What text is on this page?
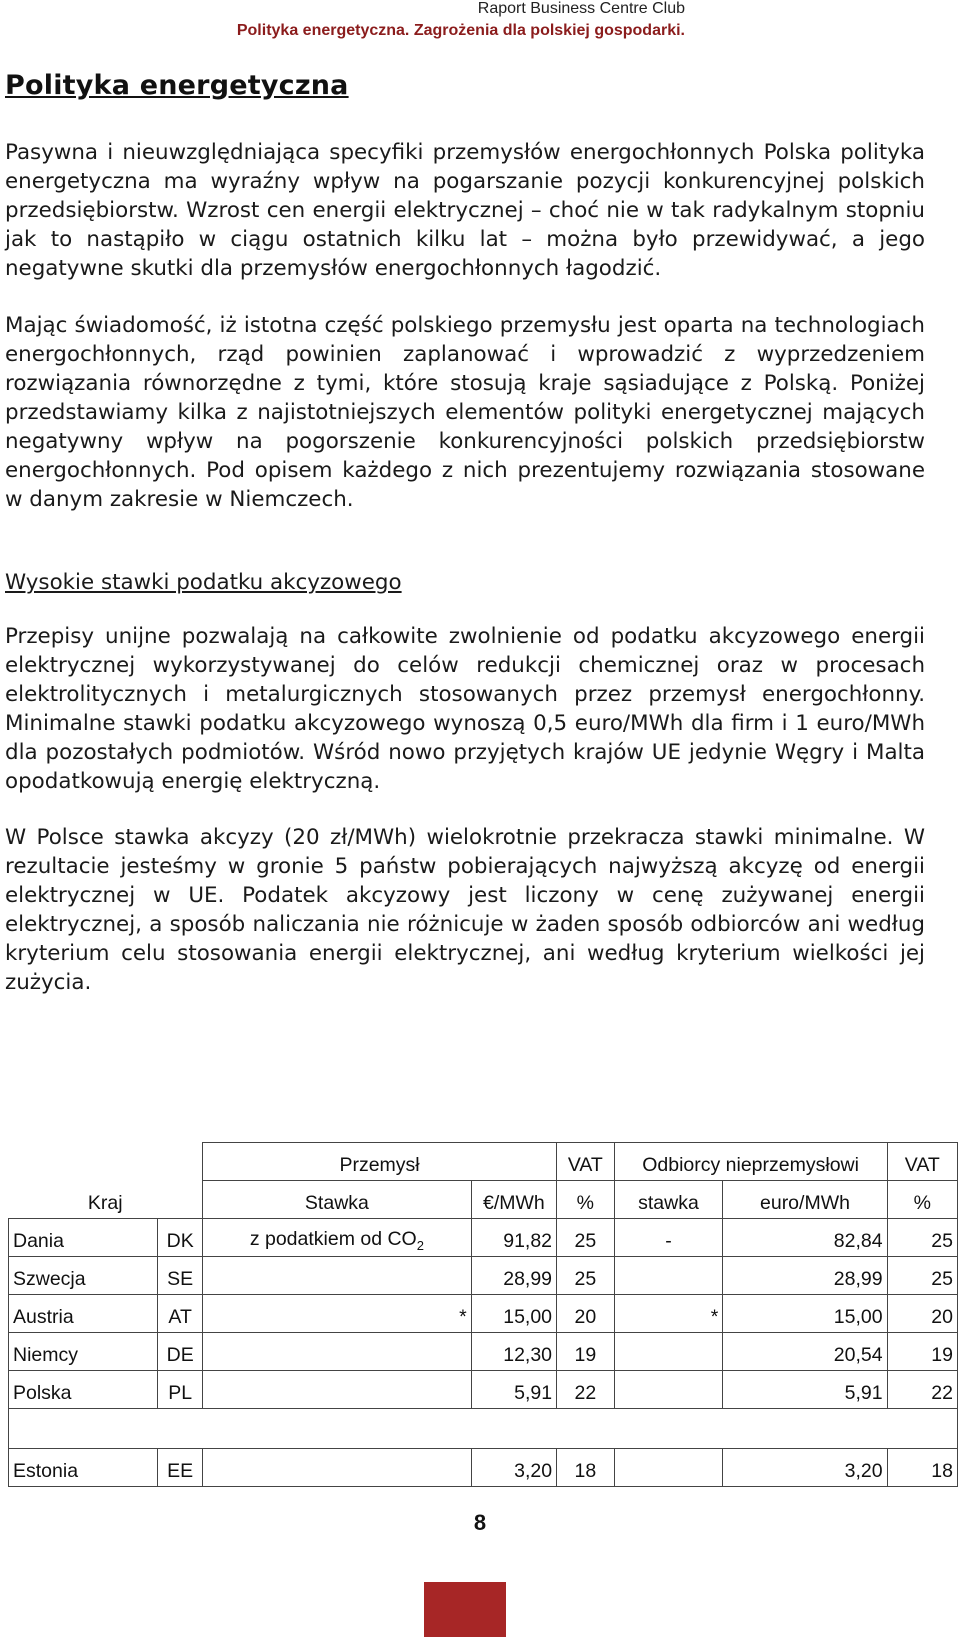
Raport Business Centre Club
Polityka energetyczna. Zagrożenia dla polskiej gospodarki.
Polityka energetyczna

Pasywna i nieuwzględniająca specyfiki przemysłów energochłonnych Polska polityka energetyczna ma wyraźny wpływ na pogarszanie pozycji konkurencyjnej polskich przedsiębiorstw. Wzrost cen energii elektrycznej – choć nie w tak radykalnym stopniu jak to nastąpiło w ciągu ostatnich kilku lat – można było przewidywać, a jego negatywne skutki dla przemysłów energochłonnych łagodzić.

Mając świadomość, iż istotna część polskiego przemysłu jest oparta na technologiach energochłonnych, rząd powinien zaplanować i wprowadzić z wyprzedzeniem rozwiązania równorzędne z tymi, które stosują kraje sąsiadujące z Polską. Poniżej przedstawiamy kilka z najistotniejszych elementów polityki energetycznej mających negatywny wpływ na pogorszenie konkurencyjności polskich przedsiębiorstw energochłonnych. Pod opisem każdego z nich prezentujemy rozwiązania stosowane w danym zakresie w Niemczech.

Wysokie stawki podatku akcyzowego

Przepisy unijne pozwalają na całkowite zwolnienie od podatku akcyzowego energii elektrycznej wykorzystywanej do celów redukcji chemicznej oraz w procesach elektrolitycznych i metalurgicznych stosowanych przez przemysł energochłonny. Minimalne stawki podatku akcyzowego wynoszą 0,5 euro/MWh dla firm i 1 euro/MWh dla pozostałych podmiotów. Wśród nowo przyjętych krajów UE jedynie Węgry i Malta opodatkowują energię elektryczną.

W Polsce stawka akcyzy (20 zł/MWh) wielokrotnie przekracza stawki minimalne. W rezultacie jesteśmy w gronie 5 państw pobierających najwyższą akcyzę od energii elektrycznej w UE. Podatek akcyzowy jest liczony w cenę zużywanej energii elektrycznej, a sposób naliczania nie różnicuje w żaden sposób odbiorców ani według kryterium celu stosowania energii elektrycznej, ani według kryterium wielkości jej zużycia.

		Przemysł		VAT	Odbiorcy nieprzemysłowi		VAT
Kraj		Stawka	€/MWh	%	stawka	euro/MWh	%
Dania	DK	z podatkiem od $CO_2$	91,82	25	-	82,84	25
Szwecja	SE		28,99	25		28,99	25
Austria	AT	*	15,00	20	*	15,00	20
Niemcy	DE		12,30	19		20,54	19
Polska	PL		5,91	22		5,91	22

Estonia	EE		3,20	18		3,20	18
8
